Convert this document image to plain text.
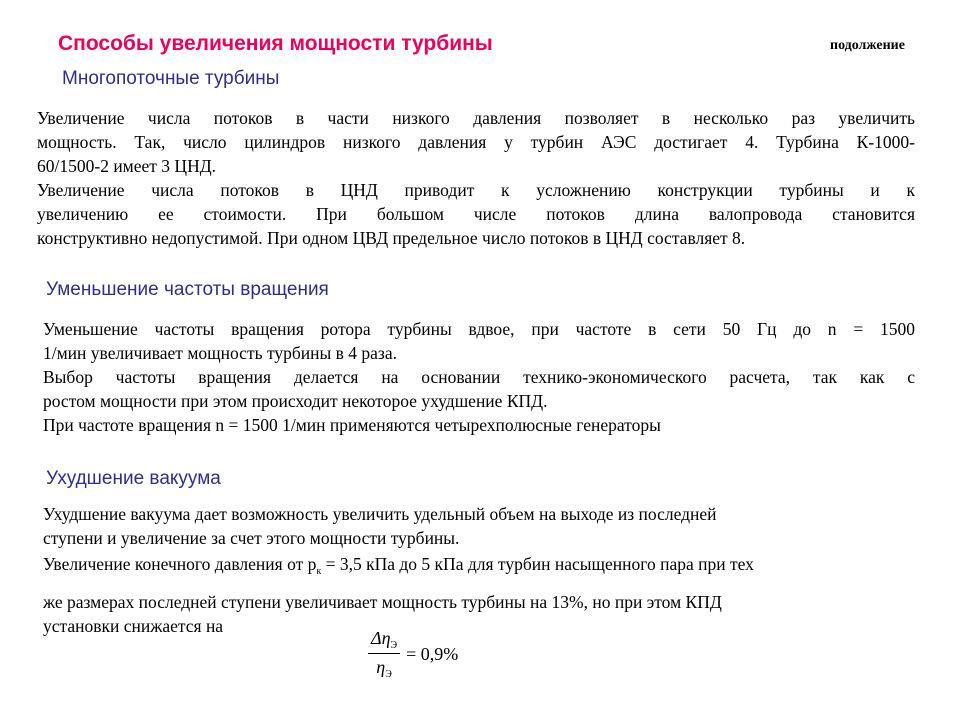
Способы увеличения мощности турбины	подолжение
Многопоточные турбины
Увеличение числа потоков в части низкого давления позволяет в несколько раз увеличить
мощность. Так, число цилиндров низкого давления у турбин АЭС достигает 4. Турбина К-1000-
60/1500-2 имеет 3 ЦНД.
Увеличение числа потоков в ЦНД приводит к усложнению конструкции турбины и к
увеличению ее стоимости. При большом числе потоков длина валопровода становится
конструктивно недопустимой. При одном ЦВД предельное число потоков в ЦНД составляет 8.
Уменьшение частоты вращения
Уменьшение частоты вращения ротора турбины вдвое, при частоте в сети 50 Гц до n = 1500
1/мин увеличивает мощность турбины в 4 раза.
Выбор частоты вращения делается на основании технико-экономического расчета, так как с
ростом мощности при этом происходит некоторое ухудшение КПД.
При частоте вращения n = 1500 1/мин применяются четырехполюсные генераторы
Ухудшение вакуума
Ухудшение вакуума дает возможность увеличить удельный объем на выходе из последней
ступени и увеличение за счет этого мощности турбины.
Увеличение конечного давления от $p_к = 3,5$ кПа до 5 кПа для турбин насыщенного пара при тех
же размерах последней ступени увеличивает мощность турбины на 13%, но при этом КПД
установки снижается на
$\frac{\Delta\eta_Э}{\eta_Э} = 0,9\%$
